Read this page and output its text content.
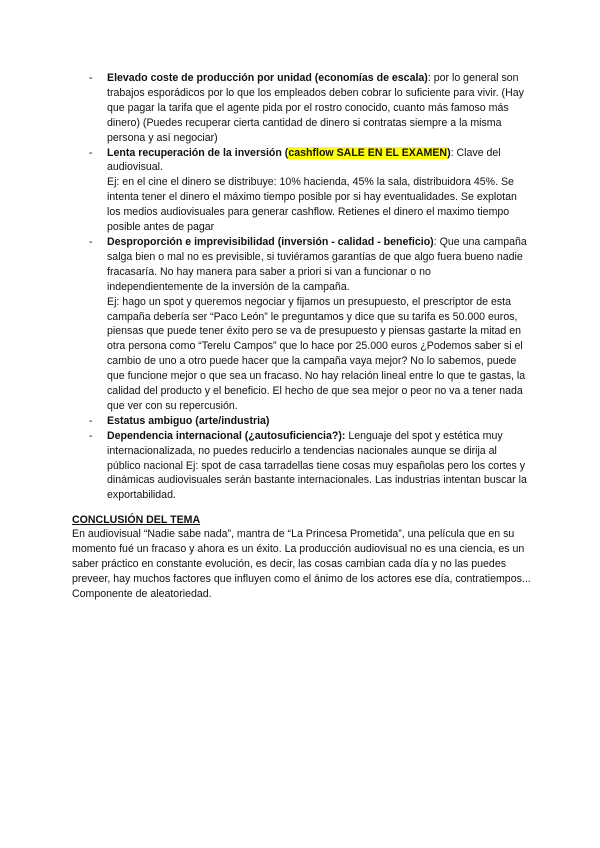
- Elevado coste de producción por unidad (economías de escala): por lo general son trabajos esporádicos por lo que los empleados deben cobrar lo suficiente para vivir. (Hay que pagar la tarifa que el agente pida por el rostro conocido, cuanto más famoso más dinero) (Puedes recuperar cierta cantidad de dinero si contratas siempre a la misma persona y así negociar)
- Lenta recuperación de la inversión (cashflow SALE EN EL EXAMEN): Clave del audiovisual.
Ej: en el cine el dinero se distribuye: 10% hacienda, 45% la sala, distribuidora 45%. Se intenta tener el dinero el máximo tiempo posible por si hay eventualidades. Se explotan los medios audiovisuales para generar cashflow. Retienes el dinero el maximo tiempo posible antes de pagar
- Desproporción e imprevisibilidad (inversión - calidad - beneficio): Que una campaña salga bien o mal no es previsible, si tuviéramos garantías de que algo fuera bueno nadie fracasaría. No hay manera para saber a priori si van a funcionar o no independientemente de la inversión de la campaña.
Ej: hago un spot y queremos negociar y fijamos un presupuesto, el prescriptor de esta campaña debería ser “Paco León” le preguntamos y dice que su tarifa es 50.000 euros, piensas que puede tener éxito pero se va de presupuesto y piensas gastarte la mitad en otra persona como “Terelu Campos” que lo hace por 25.000 euros ¿Podemos saber si el cambio de uno a otro puede hacer que la campaña vaya mejor? No lo sabemos, puede que funcione mejor o que sea un fracaso. No hay relación lineal entre lo que te gastas, la calidad del producto y el beneficio. El hecho de que sea mejor o peor no va a tener nada que ver con su repercusión.
- Estatus ambiguo (arte/industria)
- Dependencia internacional (¿autosuficiencia?): Lenguaje del spot y estética muy internacionalizada, no puedes reducirlo a tendencias nacionales aunque se dirija al público nacional Ej: spot de casa tarradellas tiene cosas muy españolas pero los cortes y dinámicas audiovisuales serán bastante internacionales. Las industrias intentan buscar la exportabilidad.
CONCLUSIÓN DEL TEMA

En audiovisual “Nadie sabe nada”, mantra de “La Princesa Prometida”, una película que en su momento fué un fracaso y ahora es un éxito. La producción audiovisual no es una ciencia, es un saber práctico en constante evolución, es decir, las cosas cambian cada día y no las puedes preveer, hay muchos factores que influyen como el ánimo de los actores ese día, contratiempos... Componente de aleatoriedad.
